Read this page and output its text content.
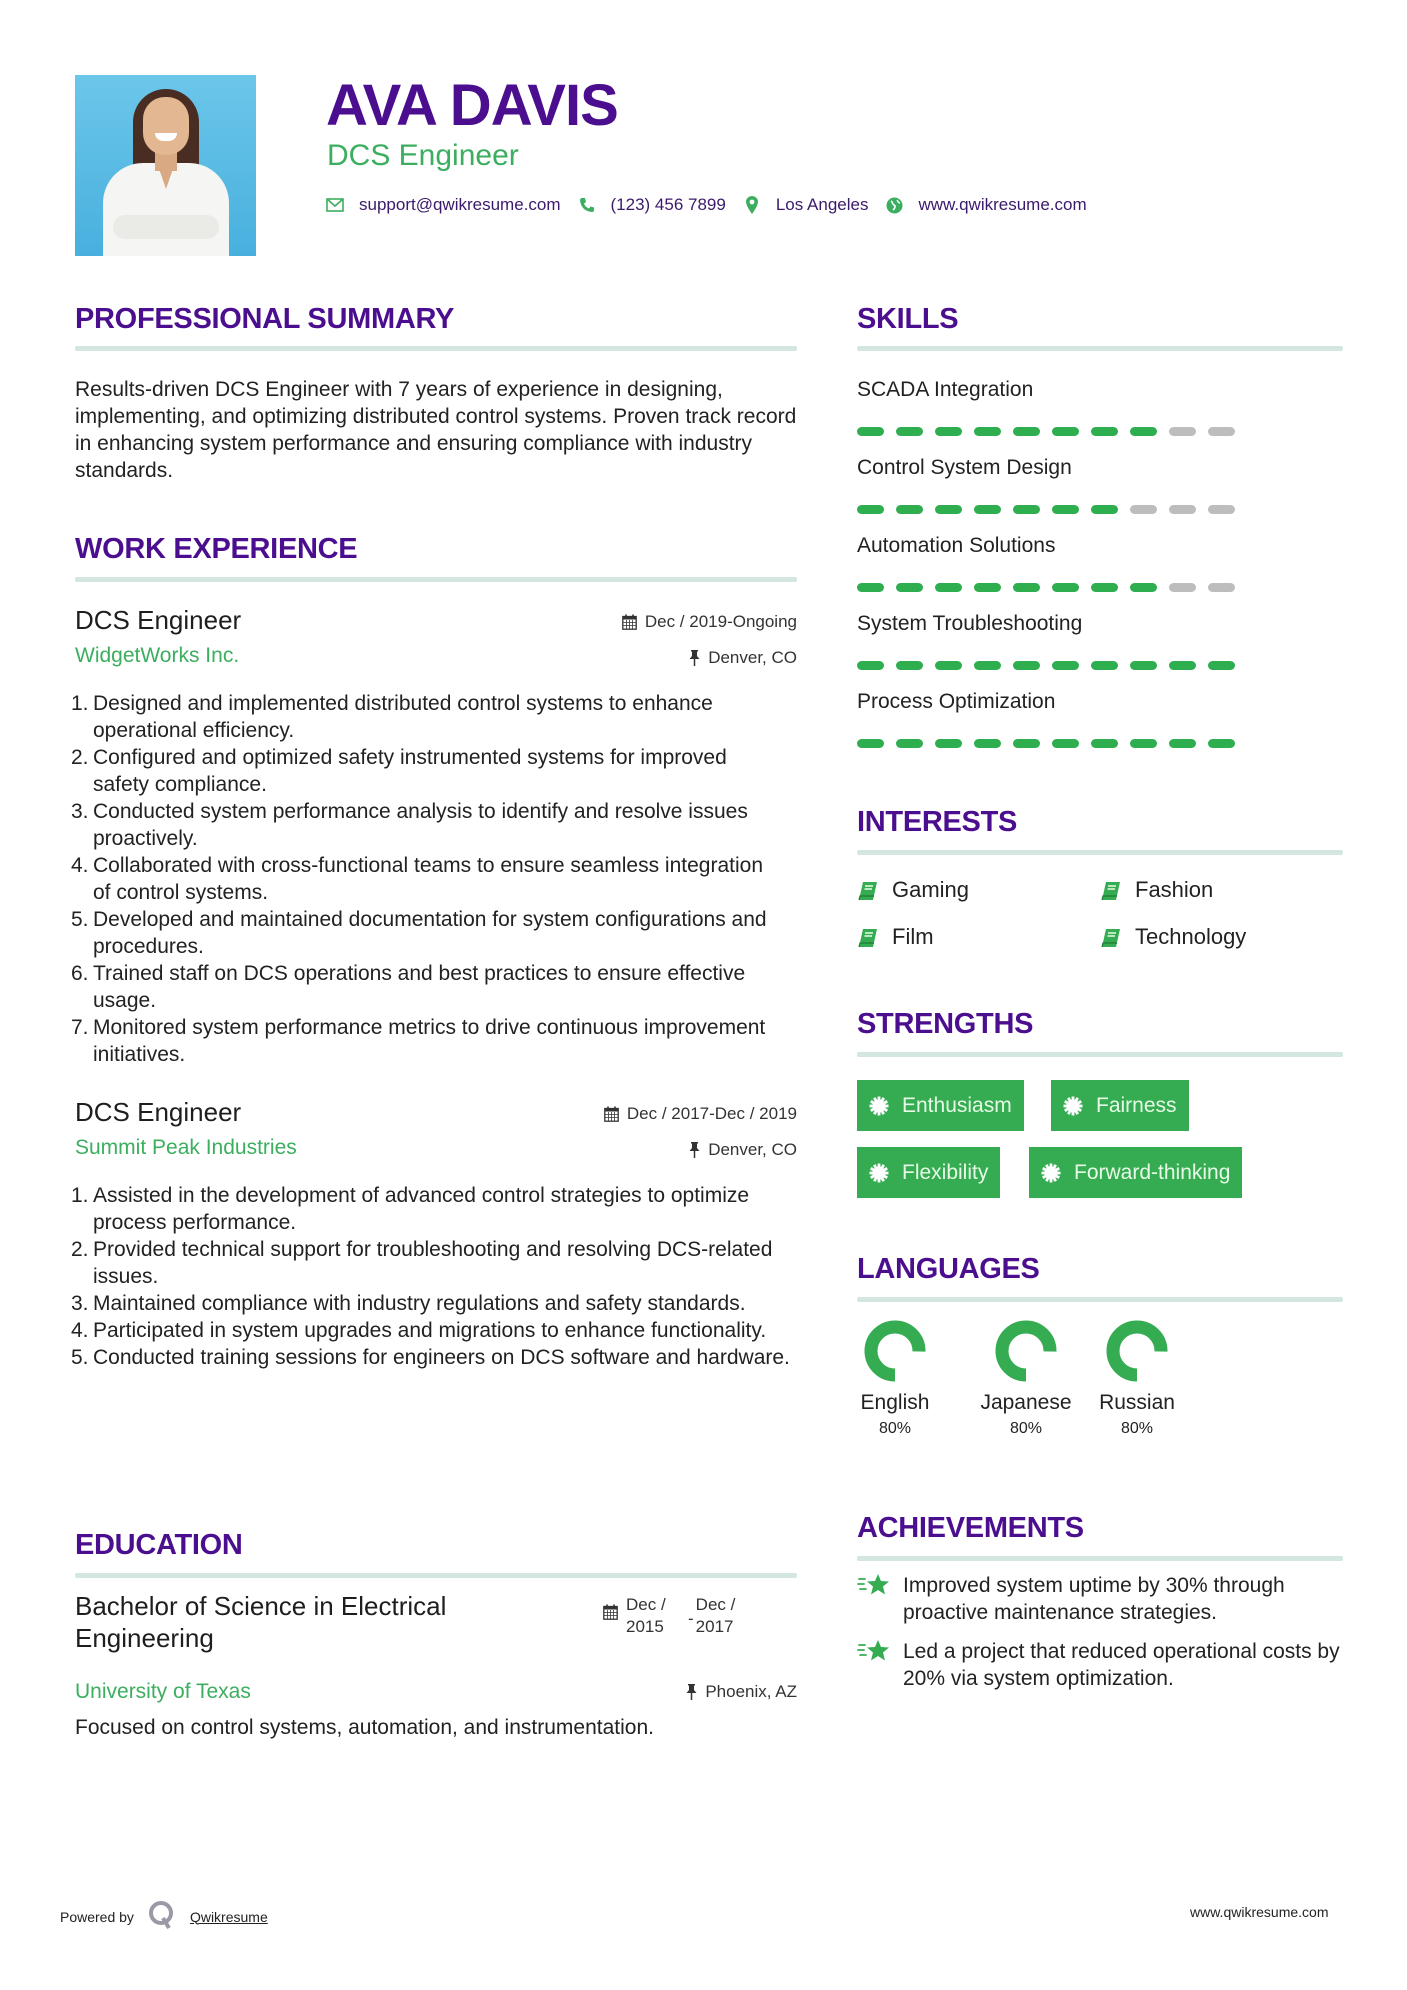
AVA DAVIS
DCS Engineer
support@qwikresume.com	(123) 456 7899	Los Angeles	www.qwikresume.com
PROFESSIONAL SUMMARY
Results-driven DCS Engineer with 7 years of experience in designing, implementing, and optimizing distributed control systems. Proven track record in enhancing system performance and ensuring compliance with industry standards.
WORK EXPERIENCE
DCS Engineer	Dec / 2019-Ongoing
WidgetWorks Inc.	Denver, CO
1. Designed and implemented distributed control systems to enhance operational efficiency.
2. Configured and optimized safety instrumented systems for improved safety compliance.
3. Conducted system performance analysis to identify and resolve issues proactively.
4. Collaborated with cross-functional teams to ensure seamless integration of control systems.
5. Developed and maintained documentation for system configurations and procedures.
6. Trained staff on DCS operations and best practices to ensure effective usage.
7. Monitored system performance metrics to drive continuous improvement initiatives.
DCS Engineer	Dec / 2017-Dec / 2019
Summit Peak Industries	Denver, CO
1. Assisted in the development of advanced control strategies to optimize process performance.
2. Provided technical support for troubleshooting and resolving DCS-related issues.
3. Maintained compliance with industry regulations and safety standards.
4. Participated in system upgrades and migrations to enhance functionality.
5. Conducted training sessions for engineers on DCS software and hardware.
EDUCATION
Bachelor of Science in Electrical Engineering
Dec / 2015	-
Dec / 2017
University of Texas	Phoenix, AZ
Focused on control systems, automation, and instrumentation.
SKILLS
SCADA Integration
Control System Design
Automation Solutions
System Troubleshooting
Process Optimization
INTERESTS
Gaming	Fashion
Film	Technology
STRENGTHS
Enthusiasm	Fairness
Flexibility	Forward-thinking
LANGUAGES
English
80%
Japanese
80%
Russian
80%
ACHIEVEMENTS
Improved system uptime by 30% through proactive maintenance strategies.
Led a project that reduced operational costs by 20% via system optimization.
Powered by	Qwikresume	www.qwikresume.com
